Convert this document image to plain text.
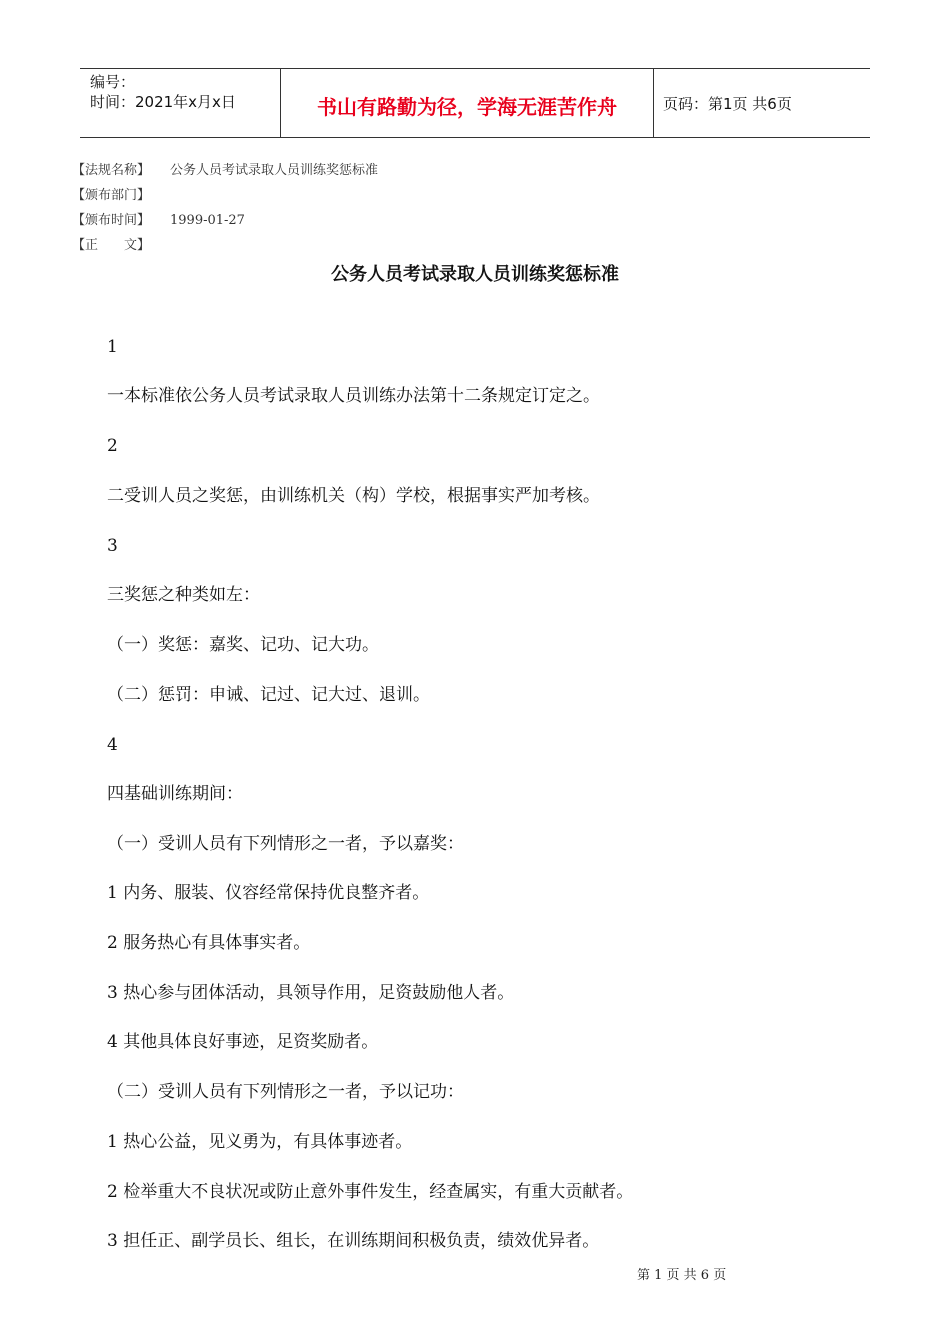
编号：
时间：2021年x月x日	书山有路勤为径，学海无涯苦作舟	页码：第1页 共6页
【法规名称】 公务人员考试录取人员训练奖惩标准
【颁布部门】
【颁布时间】 1999-01-27
【正　　文】
公务人员考试录取人员训练奖惩标准
1
一本标准依公务人员考试录取人员训练办法第十二条规定订定之。
2
二受训人员之奖惩，由训练机关（构）学校，根据事实严加考核。
3
三奖惩之种类如左：
（一）奖惩：嘉奖、记功、记大功。
（二）惩罚：申诫、记过、记大过、退训。
4
四基础训练期间：
（一）受训人员有下列情形之一者，予以嘉奖：
1 内务、服装、仪容经常保持优良整齐者。
2 服务热心有具体事实者。
3 热心参与团体活动，具领导作用，足资鼓励他人者。
4 其他具体良好事迹，足资奖励者。
（二）受训人员有下列情形之一者，予以记功：
1 热心公益，见义勇为，有具体事迹者。
2 检举重大不良状况或防止意外事件发生，经查属实，有重大贡献者。
3 担任正、副学员长、组长，在训练期间积极负责，绩效优异者。
第 1 页 共 6 页
